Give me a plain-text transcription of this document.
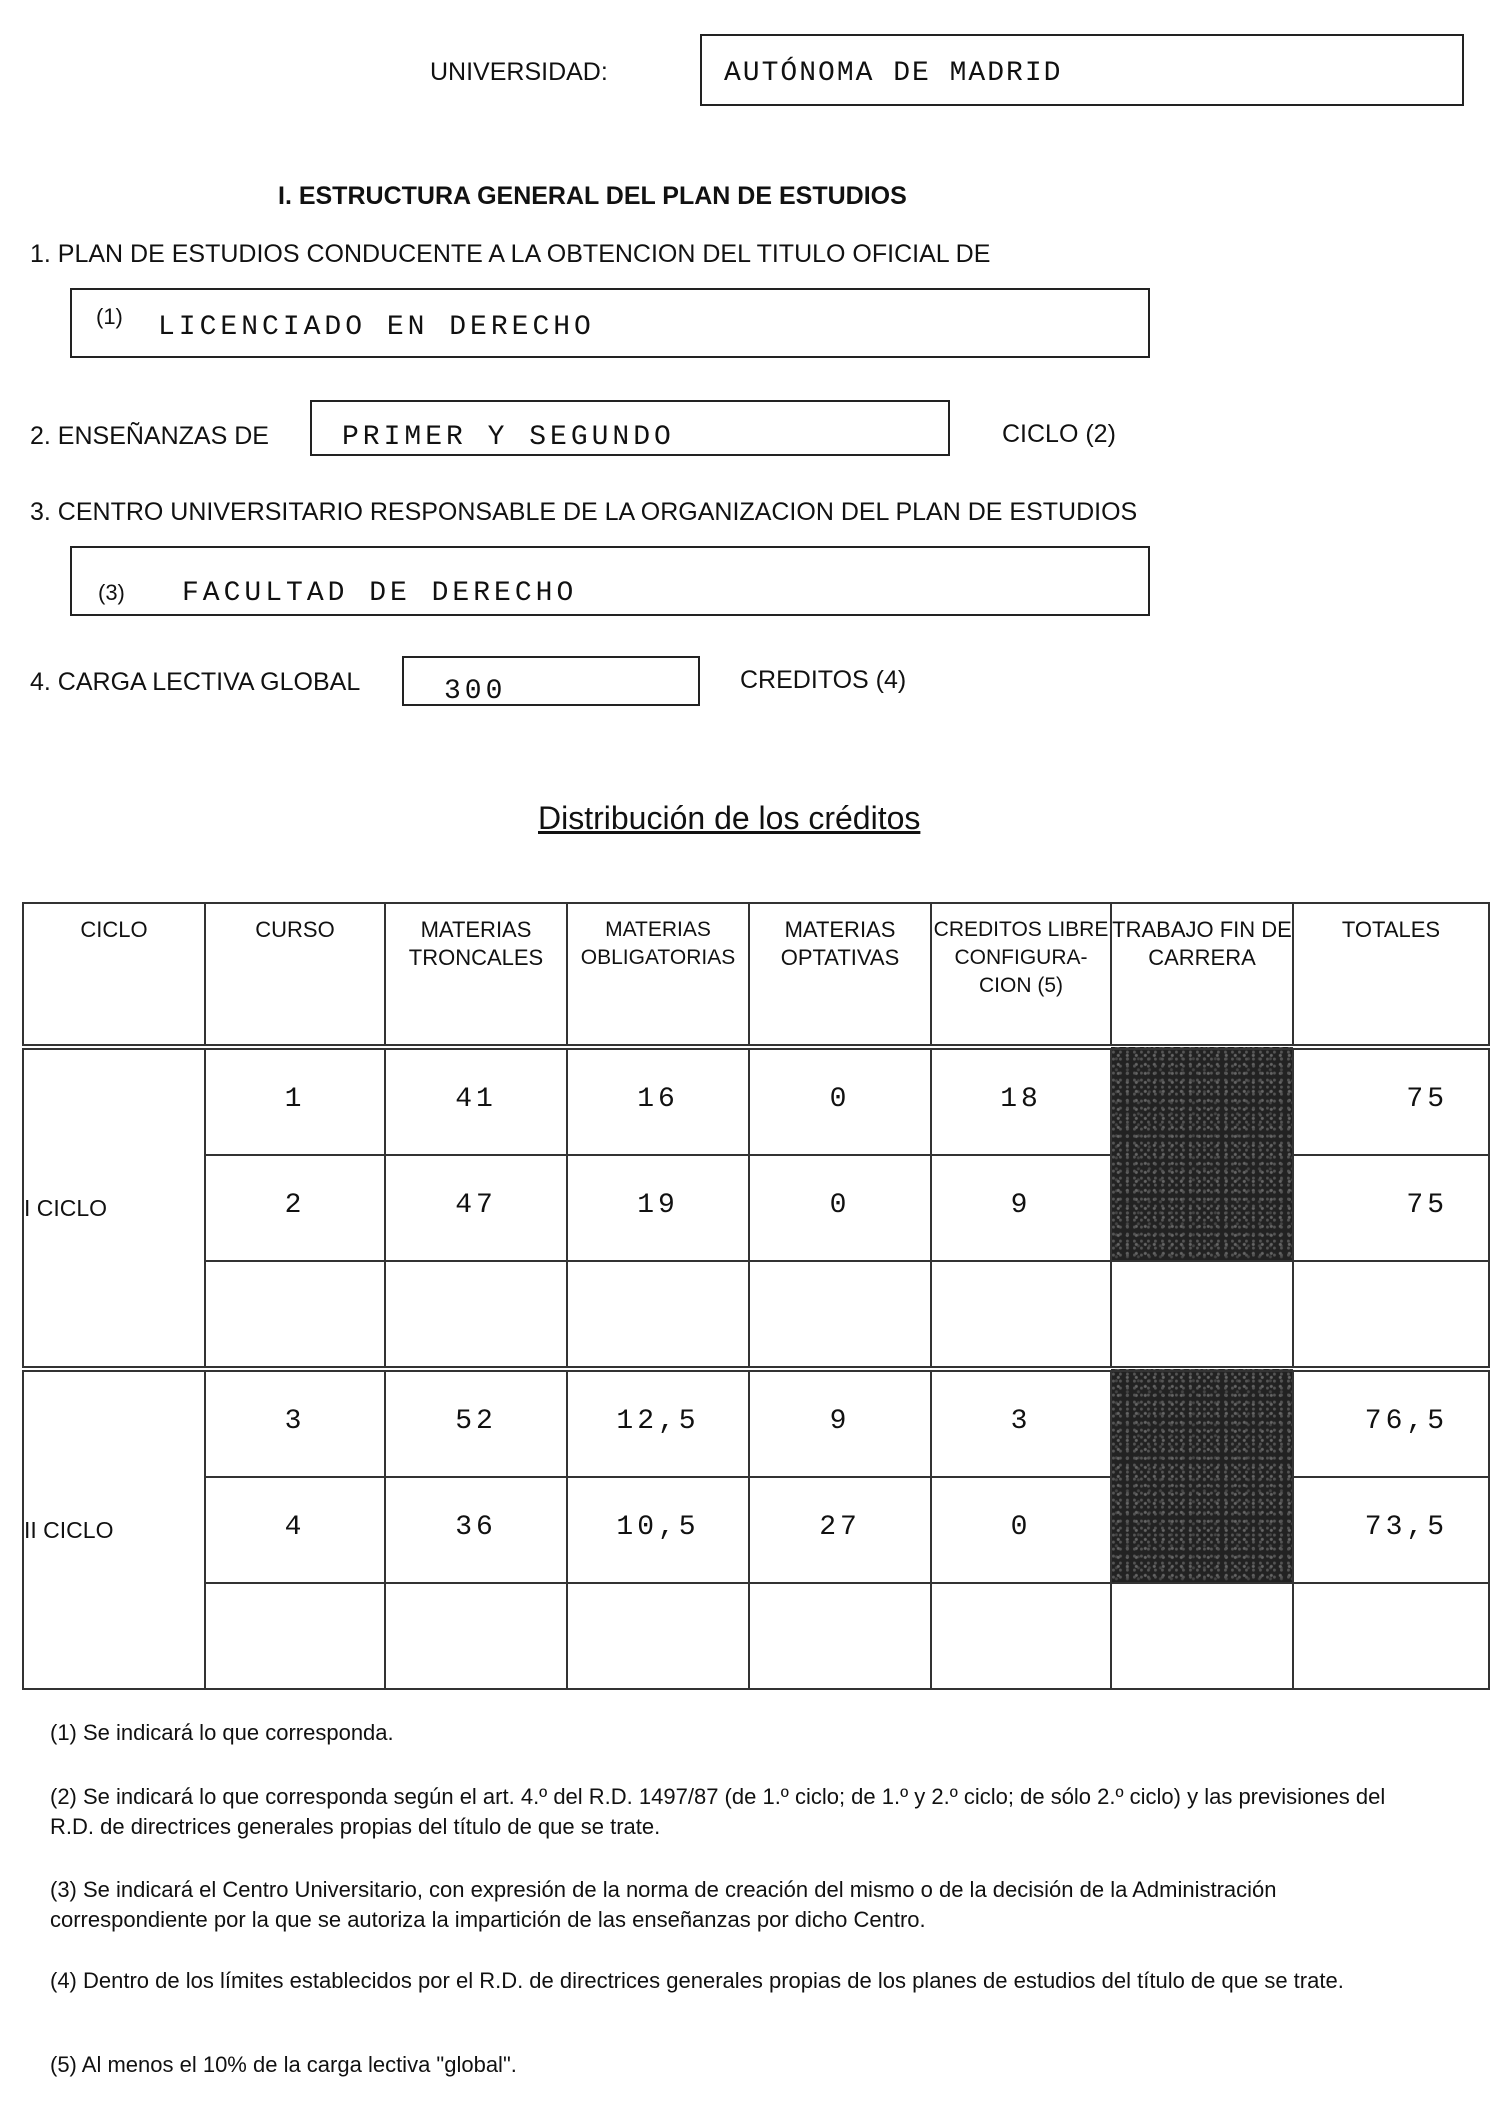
UNIVERSIDAD:	AUTÓNOMA DE MADRID
I. ESTRUCTURA GENERAL DEL PLAN DE ESTUDIOS
1. PLAN DE ESTUDIOS CONDUCENTE A LA OBTENCION DEL TITULO OFICIAL DE
(1) LICENCIADO EN DERECHO
2. ENSEÑANZAS DE	PRIMER Y SEGUNDO	CICLO (2)
3. CENTRO UNIVERSITARIO RESPONSABLE DE LA ORGANIZACION DEL PLAN DE ESTUDIOS
(3) FACULTAD DE DERECHO
4. CARGA LECTIVA GLOBAL	300	CREDITOS (4)
Distribución de los créditos
CICLO	CURSO	MATERIAS TRONCALES	MATERIAS OBLIGATORIAS	MATERIAS OPTATIVAS	CREDITOS LIBRE CONFIGURA-CION (5)	TRABAJO FIN DE CARRERA	TOTALES
I CICLO	1	41	16	0	18		75

	2	47	19	0	9		75

II CICLO	3	52	12,5	9	3		76,5

	4	36	10,5	27	0		73,5

(1) Se indicará lo que corresponda.
(2) Se indicará lo que corresponda según el art. 4.º del R.D. 1497/87 (de 1.º ciclo; de 1.º y 2.º ciclo; de sólo 2.º ciclo) y las previsiones del R.D. de directrices generales propias del título de que se trate.
(3) Se indicará el Centro Universitario, con expresión de la norma de creación del mismo o de la decisión de la Administración correspondiente por la que se autoriza la impartición de las enseñanzas por dicho Centro.
(4) Dentro de los límites establecidos por el R.D. de directrices generales propias de los planes de estudios del título de que se trate.
(5) Al menos el 10% de la carga lectiva "global".
